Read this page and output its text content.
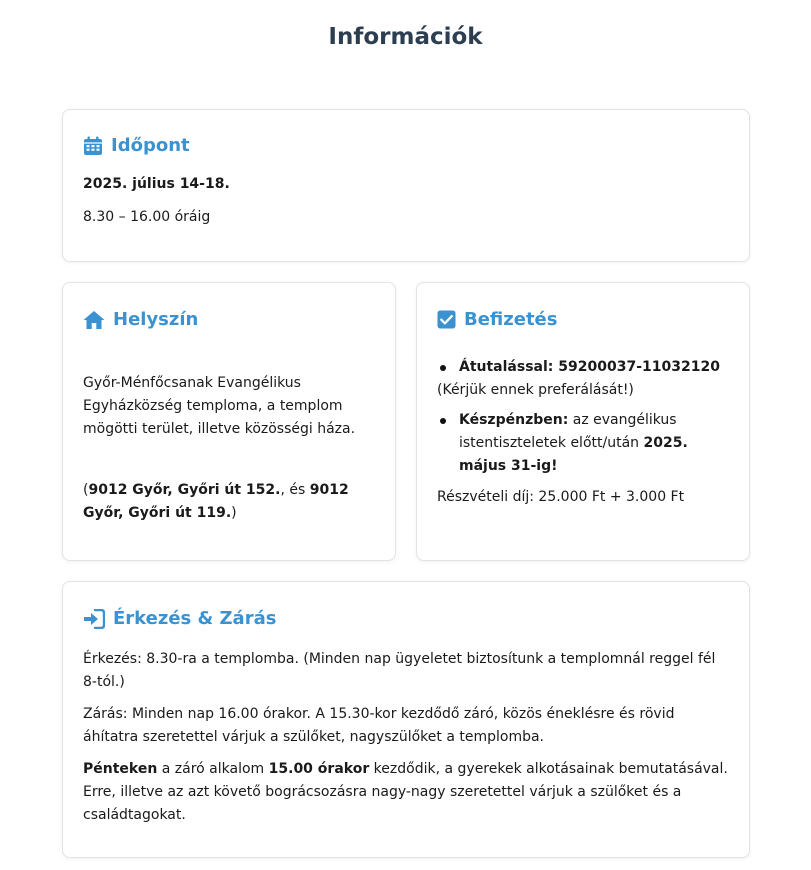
Információk
Időpont

2025. július 14-18.

8.30 – 16.00 óráig

Helyszín

Győr-Ménfőcsanak Evangélikus Egyházközség temploma, a templom mögötti terület, illetve közösségi háza.

(9012 Győr, Győri út 152., és 9012 Győr, Győri út 119.)

Befizetés
Átutalással: 59200037-11032120

(Kérjük ennek preferálását!)

Készpénzben: az evangélikus istentiszteletek előtt/után 2025. május 31-ig!

Részvételi díj: 25.000 Ft + 3.000 Ft

Érkezés & Zárás

Érkezés: 8.30-ra a templomba. (Minden nap ügyeletet biztosítunk a templomnál reggel fél 8-tól.)

Zárás: Minden nap 16.00 órakor. A 15.30-kor kezdődő záró, közös éneklésre és rövid áhítatra szeretettel várjuk a szülőket, nagyszülőket a templomba.

Pénteken a záró alkalom 15.00 órakor kezdődik, a gyerekek alkotásainak bemutatásával. Erre, illetve az azt követő bográcsozásra nagy-nagy szeretettel várjuk a szülőket és a családtagokat.
